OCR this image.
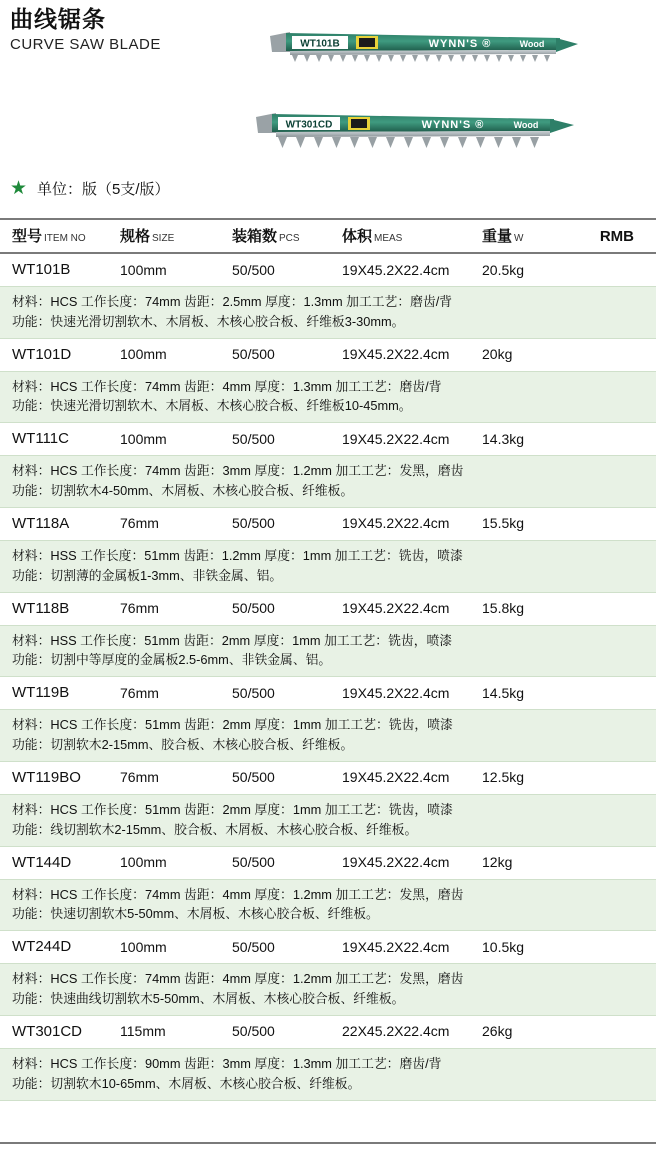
曲线锯条
CURVE SAW BLADE	WT101B	WYNN'S ®	Wood
WT301CD	WYNN'S ®	Wood
★ 单位：版（5支/版）
型号 ITEM NO	规格 SIZE	装箱数 PCS	体积 MEAS	重量 W	RMB
WT101B	100mm	50/500	19X45.2X22.4cm	20.5kg
材料：HCS 工作长度：74mm 齿距：2.5mm 厚度：1.3mm 加工工艺：磨齿/背
功能：快速光滑切割软木、木屑板、木核心胶合板、纤维板3-30mm。
WT101D	100mm	50/500	19X45.2X22.4cm	20kg
材料：HCS 工作长度：74mm 齿距：4mm 厚度：1.3mm 加工工艺：磨齿/背
功能：快速光滑切割软木、木屑板、木核心胶合板、纤维板10-45mm。
WT111C	100mm	50/500	19X45.2X22.4cm	14.3kg
材料：HCS 工作长度：74mm 齿距：3mm 厚度：1.2mm 加工工艺：发黑，磨齿
功能：切割软木4-50mm、木屑板、木核心胶合板、纤维板。
WT118A	76mm	50/500	19X45.2X22.4cm	15.5kg
材料：HSS 工作长度：51mm 齿距：1.2mm 厚度：1mm 加工工艺：铣齿，喷漆
功能：切割薄的金属板1-3mm、非铁金属、铝。
WT118B	76mm	50/500	19X45.2X22.4cm	15.8kg
材料：HSS 工作长度：51mm 齿距：2mm 厚度：1mm 加工工艺：铣齿，喷漆
功能：切割中等厚度的金属板2.5-6mm、非铁金属、铝。
WT119B	76mm	50/500	19X45.2X22.4cm	14.5kg
材料：HCS 工作长度：51mm 齿距：2mm 厚度：1mm 加工工艺：铣齿，喷漆
功能：切割软木2-15mm、胶合板、木核心胶合板、纤维板。
WT119BO	76mm	50/500	19X45.2X22.4cm	12.5kg
材料：HCS 工作长度：51mm 齿距：2mm 厚度：1mm 加工工艺：铣齿，喷漆
功能：线切割软木2-15mm、胶合板、木屑板、木核心胶合板、纤维板。
WT144D	100mm	50/500	19X45.2X22.4cm	12kg
材料：HCS 工作长度：74mm 齿距：4mm 厚度：1.2mm 加工工艺：发黑，磨齿
功能：快速切割软木5-50mm、木屑板、木核心胶合板、纤维板。
WT244D	100mm	50/500	19X45.2X22.4cm	10.5kg
材料：HCS 工作长度：74mm 齿距：4mm 厚度：1.2mm 加工工艺：发黑，磨齿
功能：快速曲线切割软木5-50mm、木屑板、木核心胶合板、纤维板。
WT301CD	115mm	50/500	22X45.2X22.4cm	26kg
材料：HCS 工作长度：90mm 齿距：3mm 厚度：1.3mm 加工工艺：磨齿/背
功能：切割软木10-65mm、木屑板、木核心胶合板、纤维板。
